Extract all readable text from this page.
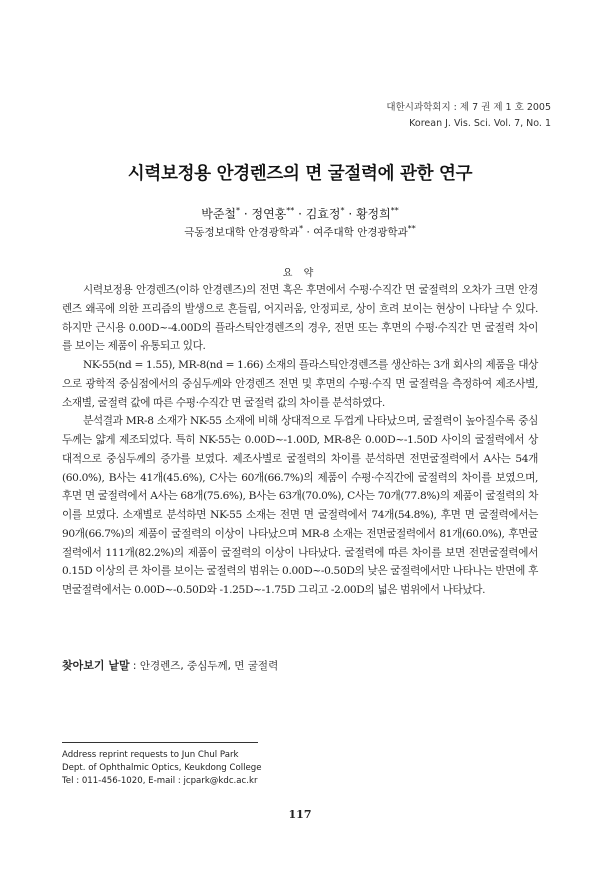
대한시과학회지 : 제 7 권 제 1 호 2005
Korean J. Vis. Sci. Vol. 7, No. 1
시력보정용 안경렌즈의 면 굴절력에 관한 연구
박준철* · 정연홍** · 김효정* · 황정희**
극동정보대학 안경광학과* · 여주대학 안경광학과**
요 약

시력보정용 안경렌즈(이하 안경렌즈)의 전면 혹은 후면에서 수평·수직간 면 굴절력의 오차가 크면 안경렌즈 왜곡에 의한 프리즘의 발생으로 흔들림, 어지러움, 안정피로, 상이 흐려 보이는 현상이 나타날 수 있다. 하지만 근시용 0.00D~-4.00D의 플라스틱안경렌즈의 경우, 전면 또는 후면의 수평·수직간 면 굴절력 차이를 보이는 제품이 유통되고 있다.

NK-55(nd = 1.55), MR-8(nd = 1.66) 소재의 플라스틱안경렌즈를 생산하는 3개 회사의 제품을 대상으로 광학적 중심점에서의 중심두께와 안경렌즈 전면 및 후면의 수평·수직 면 굴절력을 측정하여 제조사별, 소재별, 굴절력 값에 따른 수평·수직간 면 굴절력 값의 차이를 분석하였다.

분석결과 MR-8 소재가 NK-55 소재에 비해 상대적으로 두껍게 나타났으며, 굴절력이 높아질수록 중심두께는 얇게 제조되었다. 특히 NK-55는 0.00D~-1.00D, MR-8은 0.00D~-1.50D 사이의 굴절력에서 상대적으로 중심두께의 증가를 보였다. 제조사별로 굴절력의 차이를 분석하면 전면굴절력에서 A사는 54개(60.0%), B사는 41개(45.6%), C사는 60개(66.7%)의 제품이 수평·수직간에 굴절력의 차이를 보였으며, 후면 면 굴절력에서 A사는 68개(75.6%), B사는 63개(70.0%), C사는 70개(77.8%)의 제품이 굴절력의 차이를 보였다. 소재별로 분석하면 NK-55 소재는 전면 면 굴절력에서 74개(54.8%), 후면 면 굴절력에서는 90개(66.7%)의 제품이 굴절력의 이상이 나타났으며 MR-8 소재는 전면굴절력에서 81개(60.0%), 후면굴절력에서 111개(82.2%)의 제품이 굴절력의 이상이 나타났다. 굴절력에 따른 차이를 보면 전면굴절력에서 0.15D 이상의 큰 차이를 보이는 굴절력의 범위는 0.00D~-0.50D의 낮은 굴절력에서만 나타나는 반면에 후면굴절력에서는 0.00D~-0.50D와 -1.25D~-1.75D 그리고 -2.00D의 넓은 범위에서 나타났다.

찾아보기 낱말 : 안경렌즈, 중심두께, 면 굴절력
Address reprint requests to Jun Chul Park
Dept. of Ophthalmic Optics, Keukdong College
Tel : 011-456-1020, E-mail : jcpark@kdc.ac.kr
117
